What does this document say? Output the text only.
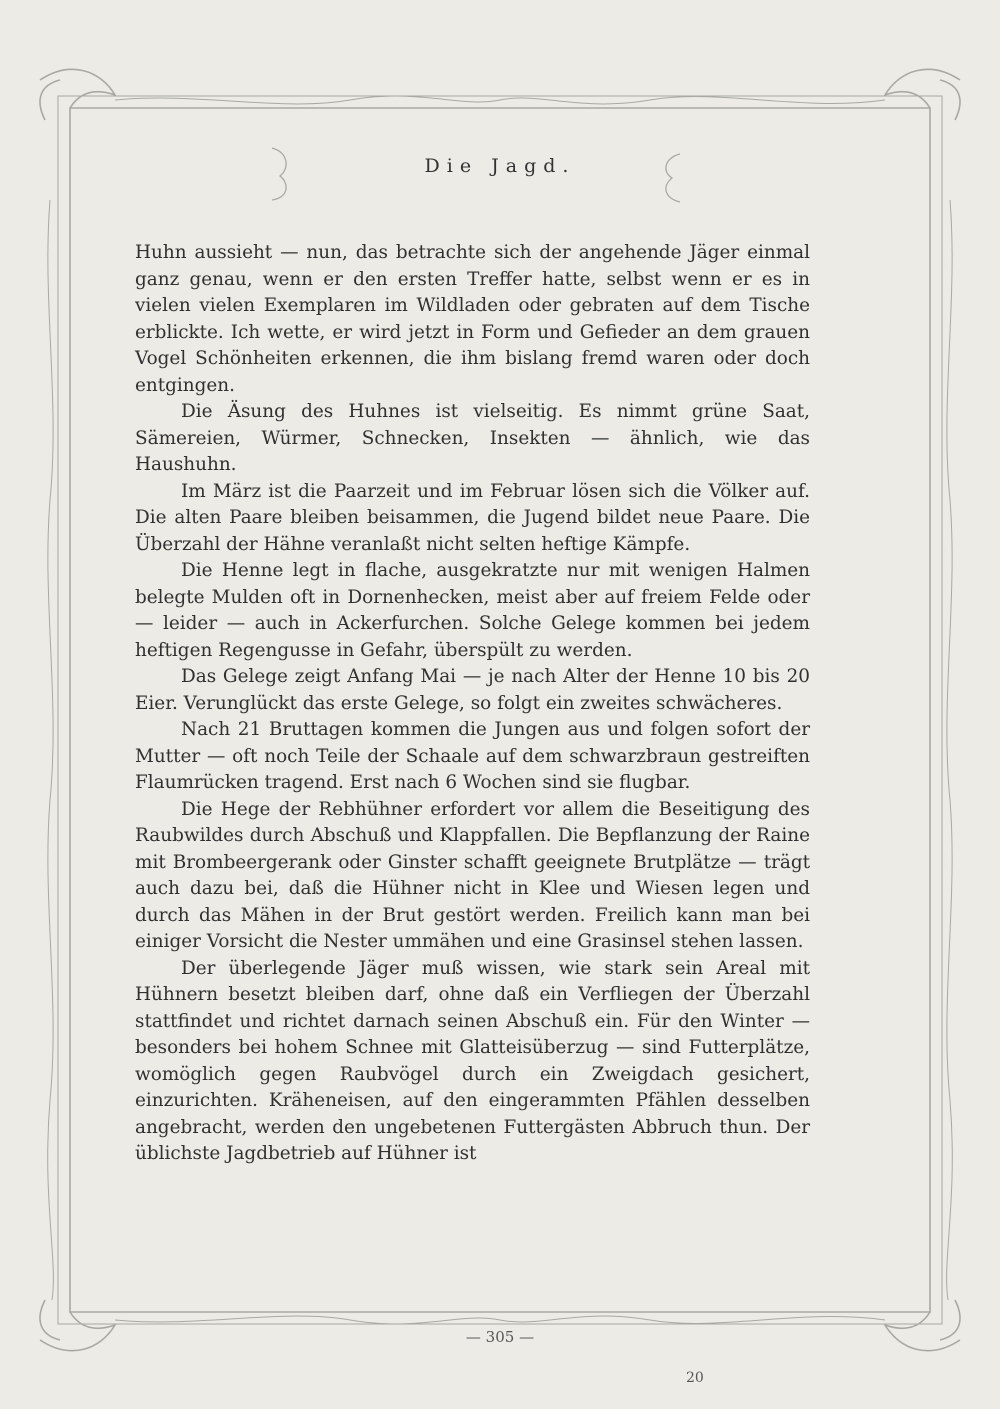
Die Jagd.

Huhn aussieht — nun, das betrachte sich der angehende Jäger einmal ganz genau, wenn er den ersten Treffer hatte, selbst wenn er es in vielen vielen Exemplaren im Wildladen oder gebraten auf dem Tische erblickte. Ich wette, er wird jetzt in Form und Gefieder an dem grauen Vogel Schönheiten erkennen, die ihm bislang fremd waren oder doch entgingen.

Die Äsung des Huhnes ist vielseitig. Es nimmt grüne Saat, Sämereien, Würmer, Schnecken, Insekten — ähnlich, wie das Haushuhn.

Im März ist die Paarzeit und im Februar lösen sich die Völker auf. Die alten Paare bleiben beisammen, die Jugend bildet neue Paare. Die Überzahl der Hähne veranlaßt nicht selten heftige Kämpfe.

Die Henne legt in flache, ausgekratzte nur mit wenigen Halmen belegte Mulden oft in Dornenhecken, meist aber auf freiem Felde oder — leider — auch in Ackerfurchen. Solche Gelege kommen bei jedem heftigen Regengusse in Gefahr, überspült zu werden.

Das Gelege zeigt Anfang Mai — je nach Alter der Henne 10 bis 20 Eier. Verunglückt das erste Gelege, so folgt ein zweites schwächeres.

Nach 21 Bruttagen kommen die Jungen aus und folgen sofort der Mutter — oft noch Teile der Schaale auf dem schwarzbraun gestreiften Flaumrücken tragend. Erst nach 6 Wochen sind sie flugbar.

Die Hege der Rebhühner erfordert vor allem die Beseitigung des Raubwildes durch Abschuß und Klappfallen. Die Bepflanzung der Raine mit Brombeergerank oder Ginster schafft geeignete Brutplätze — trägt auch dazu bei, daß die Hühner nicht in Klee und Wiesen legen und durch das Mähen in der Brut gestört werden. Freilich kann man bei einiger Vorsicht die Nester ummähen und eine Grasinsel stehen lassen.

Der überlegende Jäger muß wissen, wie stark sein Areal mit Hühnern besetzt bleiben darf, ohne daß ein Verfliegen der Überzahl stattfindet und richtet darnach seinen Abschuß ein. Für den Winter — besonders bei hohem Schnee mit Glatteisüberzug — sind Futterplätze, womöglich gegen Raubvögel durch ein Zweigdach gesichert, einzurichten. Kräheneisen, auf den eingerammten Pfählen desselben angebracht, werden den ungebetenen Futtergästen Abbruch thun. Der üblichste Jagdbetrieb auf Hühner ist

— 305 —
20
